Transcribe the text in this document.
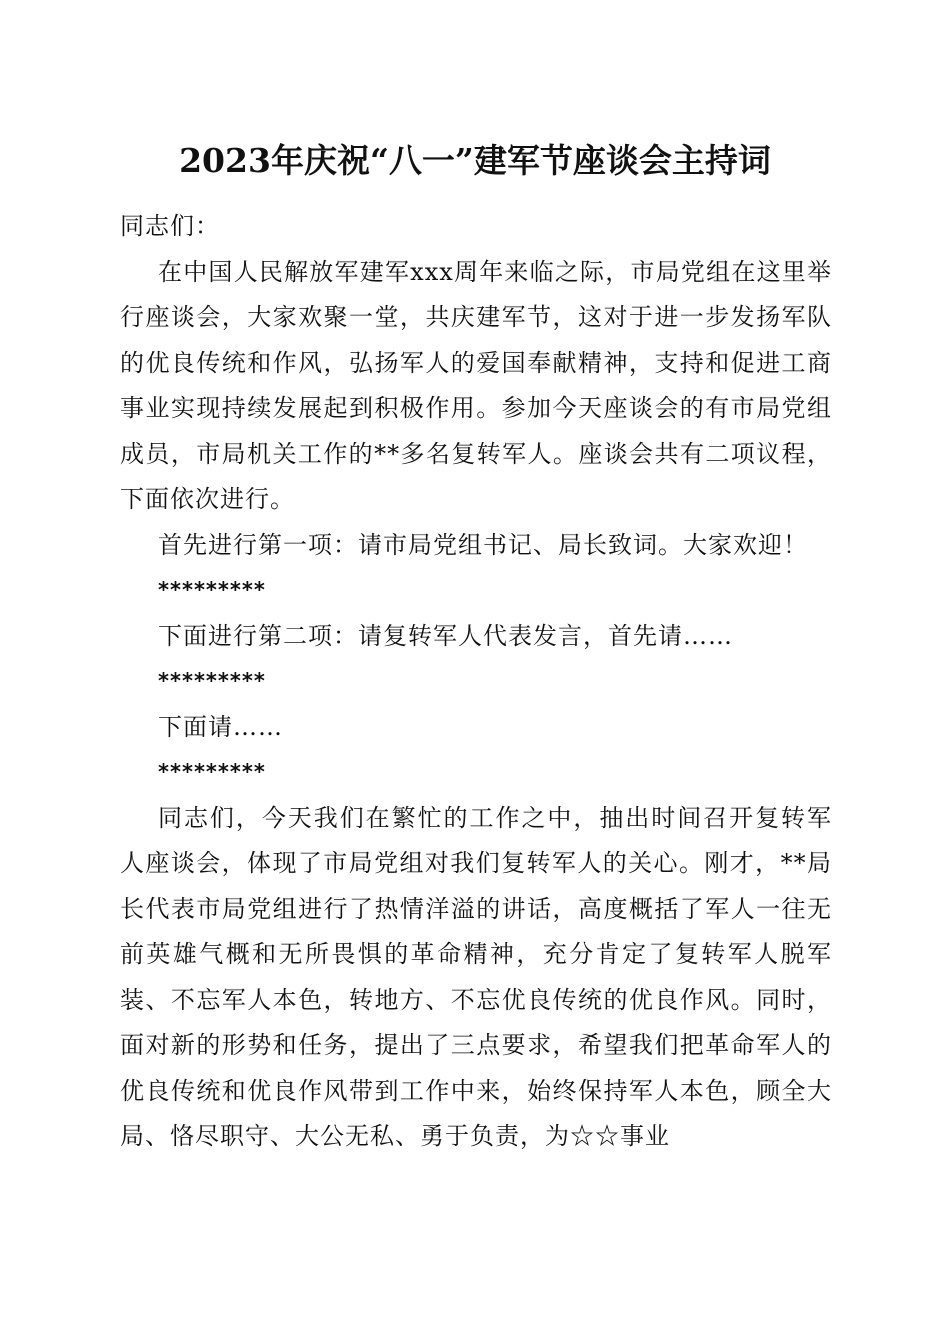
2023年庆祝“八一”建军节座谈会主持词

同志们：

在中国人民解放军建军xxx周年来临之际，市局党组在这里举行座谈会，大家欢聚一堂，共庆建军节，这对于进一步发扬军队的优良传统和作风，弘扬军人的爱国奉献精神，支持和促进工商事业实现持续发展起到积极作用。参加今天座谈会的有市局党组成员，市局机关工作的**多名复转军人。座谈会共有二项议程，下面依次进行。

首先进行第一项：请市局党组书记、局长致词。大家欢迎！

*********

下面进行第二项：请复转军人代表发言，首先请……

*********

下面请……

*********

同志们，今天我们在繁忙的工作之中，抽出时间召开复转军人座谈会，体现了市局党组对我们复转军人的关心。刚才，**局长代表市局党组进行了热情洋溢的讲话，高度概括了军人一往无前英雄气概和无所畏惧的革命精神，充分肯定了复转军人脱军装、不忘军人本色，转地方、不忘优良传统的优良作风。同时，面对新的形势和任务，提出了三点要求，希望我们把革命军人的优良传统和优良作风带到工作中来，始终保持军人本色，顾全大局、恪尽职守、大公无私、勇于负责，为☆☆事业
